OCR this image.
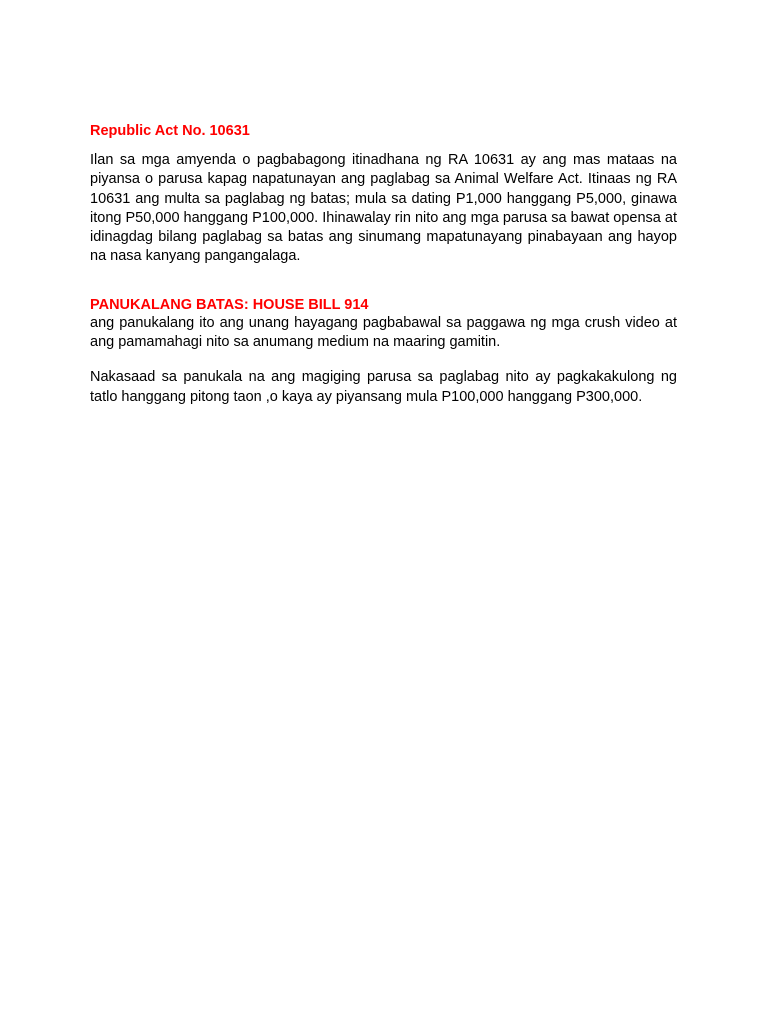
Republic Act No. 10631

Ilan sa mga amyenda o pagbabagong itinadhana ng RA 10631 ay ang mas mataas na piyansa o parusa kapag napatunayan ang paglabag sa Animal Welfare Act. Itinaas ng RA 10631 ang multa sa paglabag ng batas; mula sa dating P1,000 hanggang P5,000, ginawa itong P50,000 hanggang P100,000. Ihinawalay rin nito ang mga parusa sa bawat opensa at idinagdag bilang paglabag sa batas ang sinumang mapatunayang pinabayaan ang hayop na nasa kanyang pangangalaga.

PANUKALANG BATAS: HOUSE BILL 914

ang panukalang ito ang unang hayagang pagbabawal sa paggawa ng mga crush video at ang pamamahagi nito sa anumang medium na maaring gamitin.

Nakasaad sa panukala na ang magiging parusa sa paglabag nito ay pagkakakulong ng tatlo hanggang pitong taon ,o kaya ay piyansang mula P100,000 hanggang P300,000.
